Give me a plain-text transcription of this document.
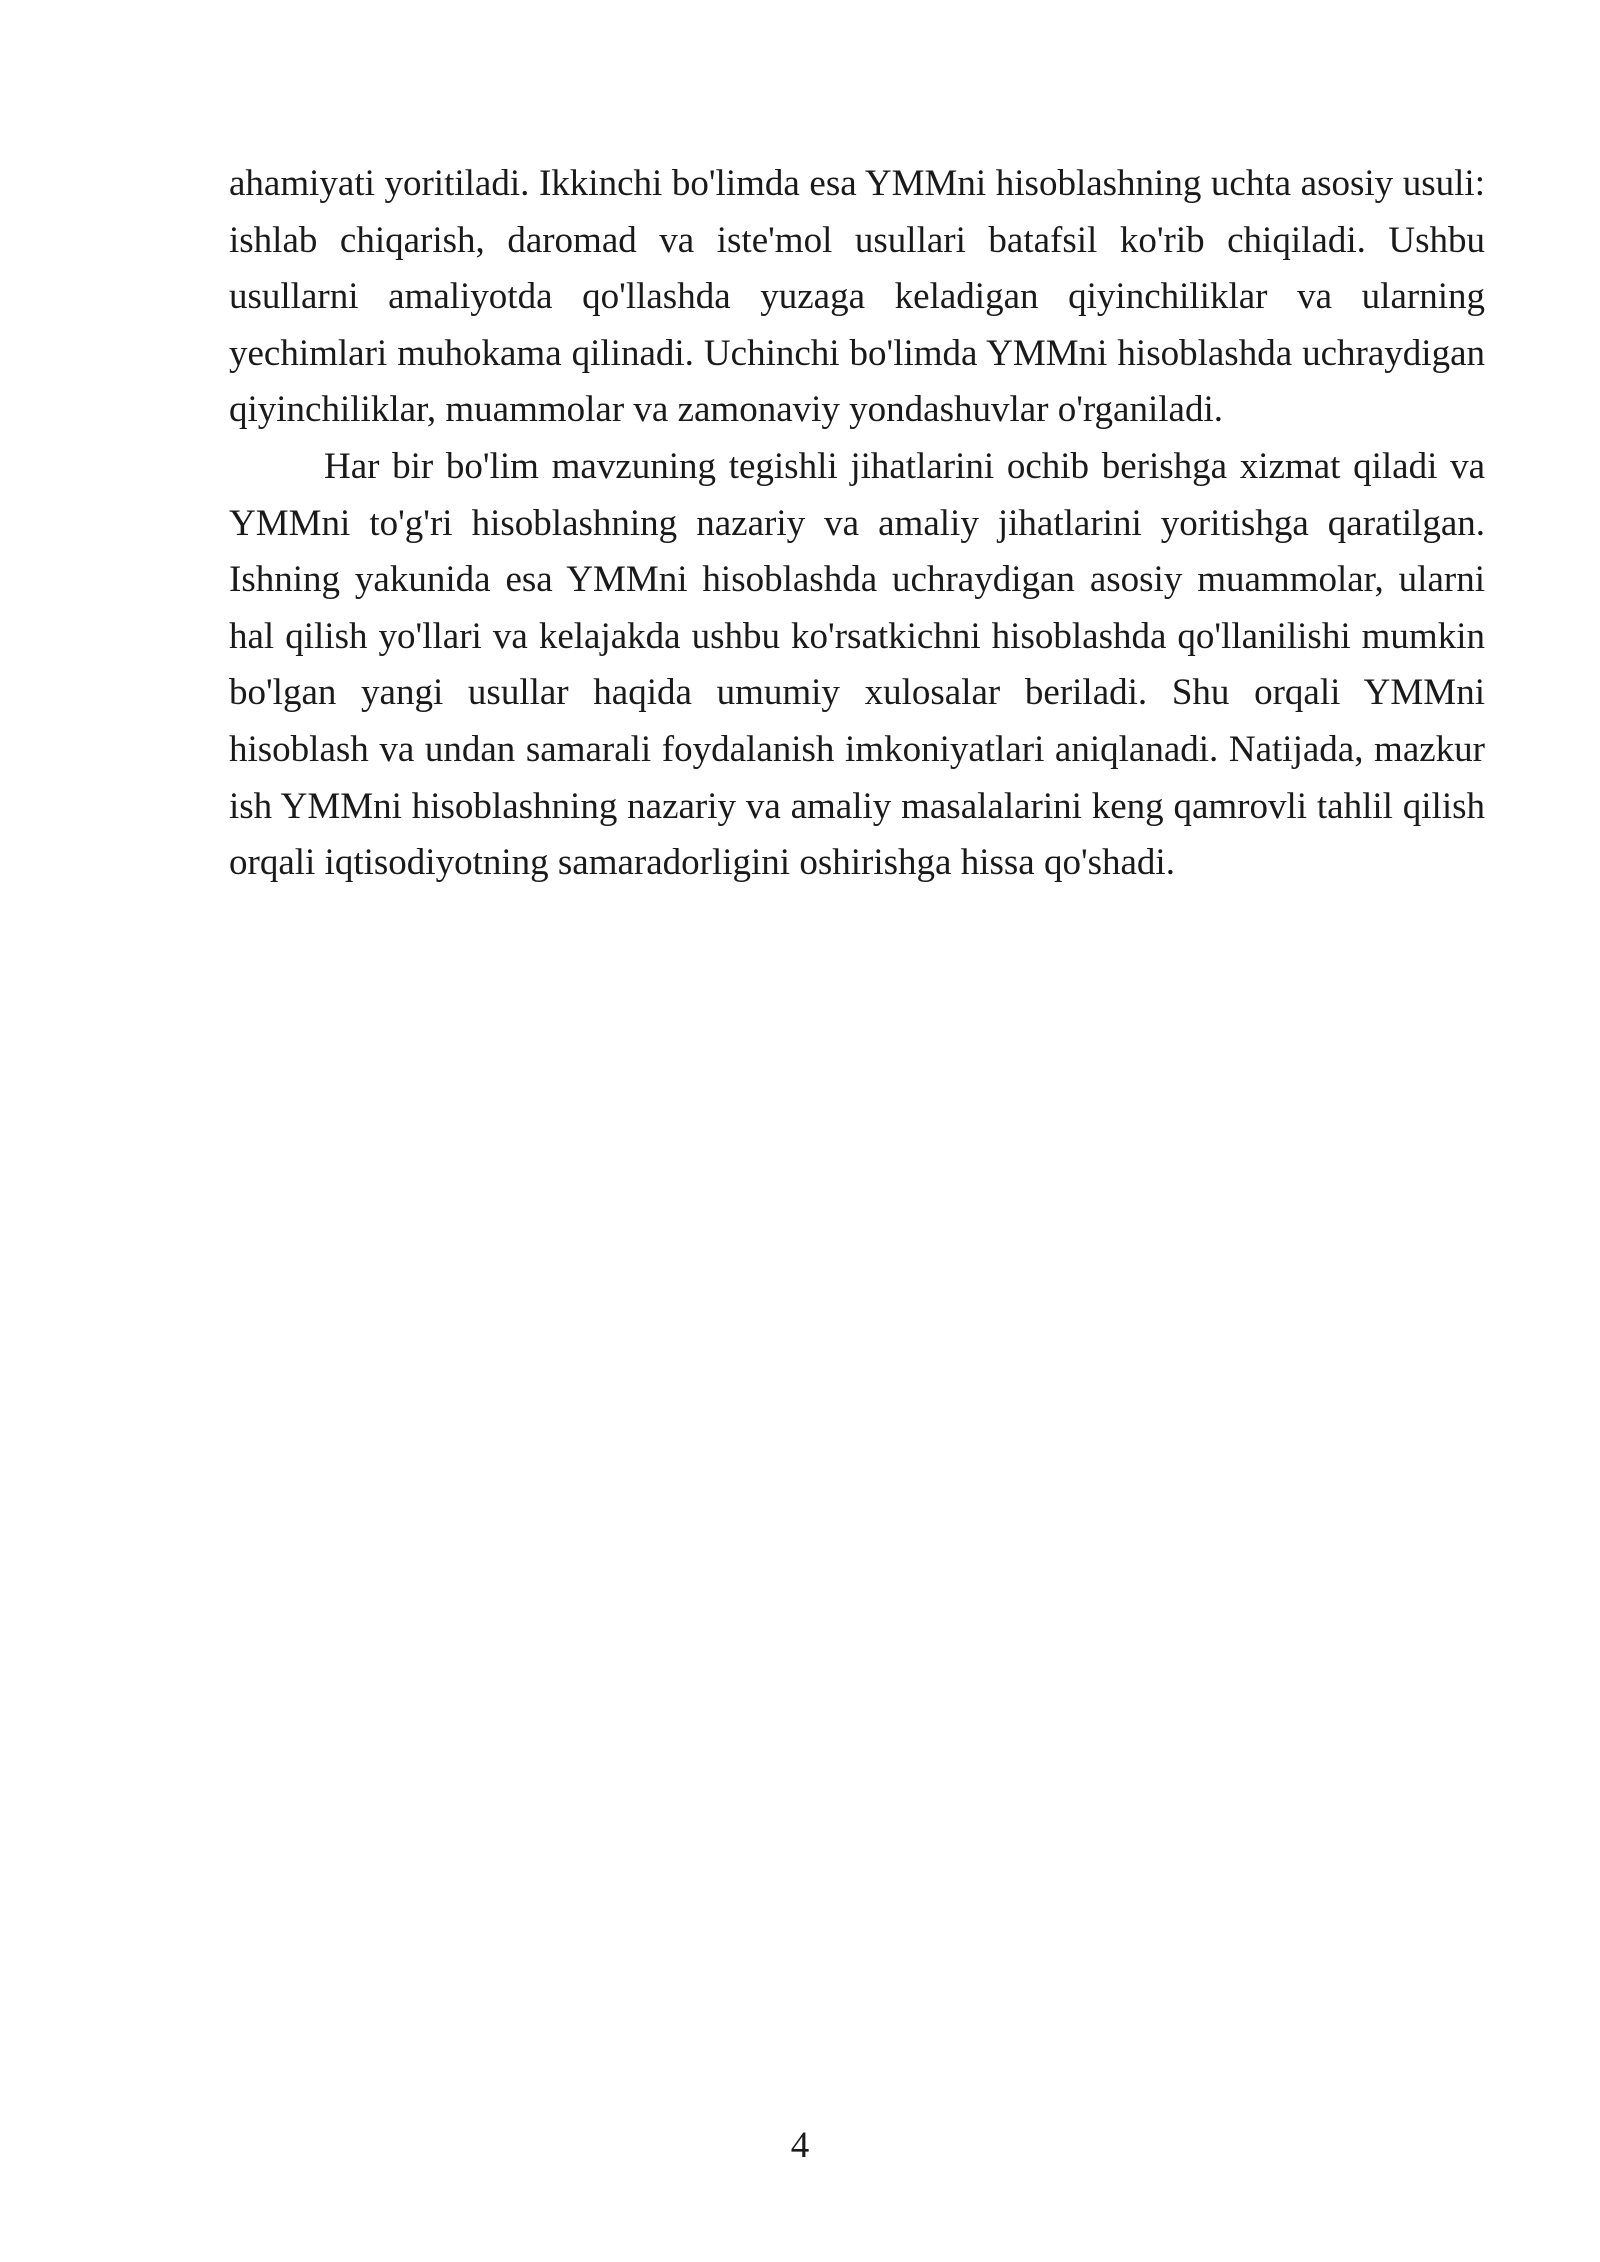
ahamiyati yoritiladi. Ikkinchi bo'limda esa YMMni hisoblashning uchta asosiy usuli: ishlab chiqarish, daromad va iste'mol usullari batafsil ko'rib chiqiladi. Ushbu usullarni amaliyotda qo'llashda yuzaga keladigan qiyinchiliklar va ularning yechimlari muhokama qilinadi. Uchinchi bo'limda YMMni hisoblashda uchraydigan qiyinchiliklar, muammolar va zamonaviy yondashuvlar o'rganiladi.

Har bir bo'lim mavzuning tegishli jihatlarini ochib berishga xizmat qiladi va YMMni to'g'ri hisoblashning nazariy va amaliy jihatlarini yoritishga qaratilgan. Ishning yakunida esa YMMni hisoblashda uchraydigan asosiy muammolar, ularni hal qilish yo'llari va kelajakda ushbu ko'rsatkichni hisoblashda qo'llanilishi mumkin bo'lgan yangi usullar haqida umumiy xulosalar beriladi. Shu orqali YMMni hisoblash va undan samarali foydalanish imkoniyatlari aniqlanadi. Natijada, mazkur ish YMMni hisoblashning nazariy va amaliy masalalarini keng qamrovli tahlil qilish orqali iqtisodiyotning samaradorligini oshirishga hissa qo'shadi.

4
